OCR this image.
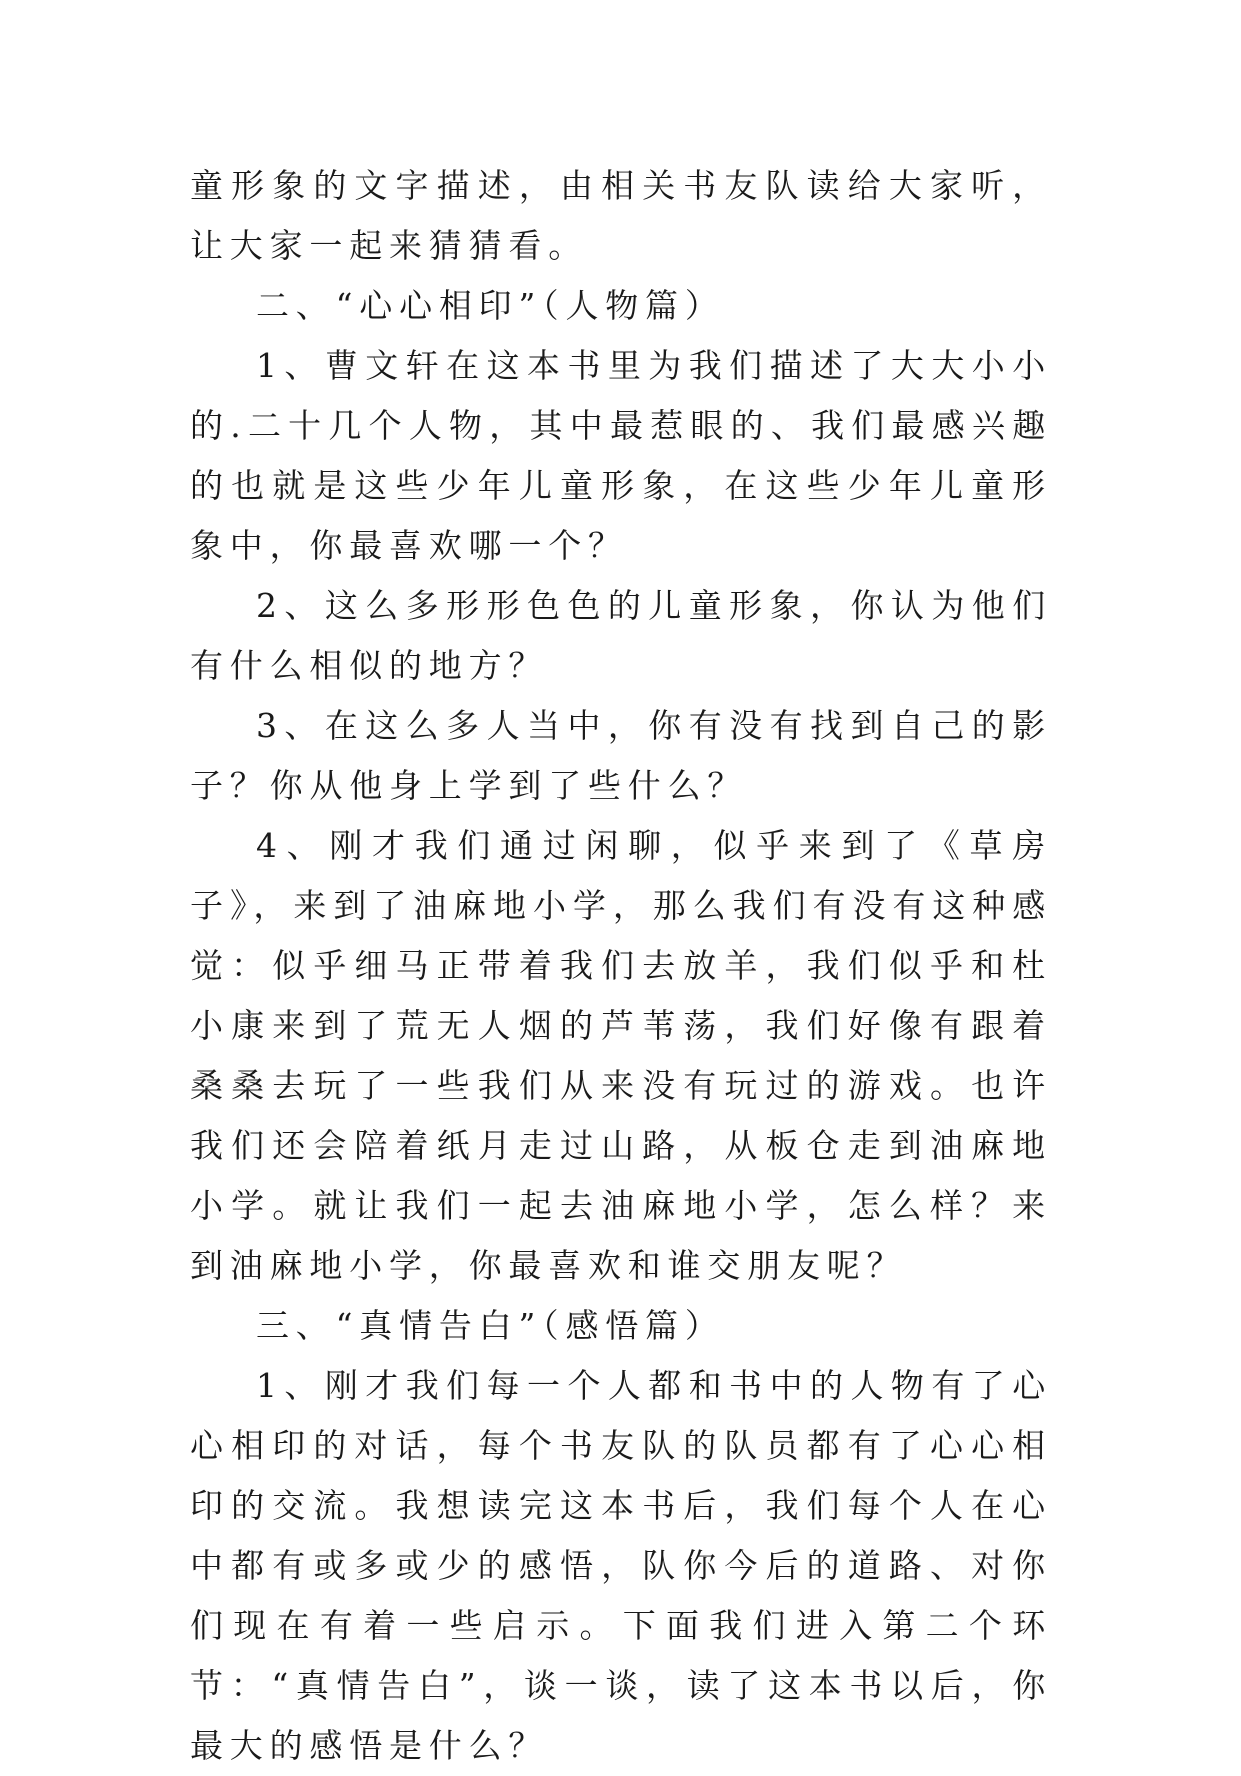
童形象的文字描述，由相关书友队读给大家听，让大家一起来猜猜看。

二、“心心相印”（人物篇）

1、曹文轩在这本书里为我们描述了大大小小的.二十几个人物，其中最惹眼的、我们最感兴趣的也就是这些少年儿童形象，在这些少年儿童形象中，你最喜欢哪一个？

2、这么多形形色色的儿童形象，你认为他们有什么相似的地方？

3、在这么多人当中，你有没有找到自己的影子？你从他身上学到了些什么？

4、刚才我们通过闲聊，似乎来到了《草房子》，来到了油麻地小学，那么我们有没有这种感觉：似乎细马正带着我们去放羊，我们似乎和杜小康来到了荒无人烟的芦苇荡，我们好像有跟着桑桑去玩了一些我们从来没有玩过的游戏。也许我们还会陪着纸月走过山路，从板仓走到油麻地小学。就让我们一起去油麻地小学，怎么样？来到油麻地小学，你最喜欢和谁交朋友呢？

三、“真情告白”（感悟篇）

1、刚才我们每一个人都和书中的人物有了心心相印的对话，每个书友队的队员都有了心心相印的交流。我想读完这本书后，我们每个人在心中都有或多或少的感悟，队你今后的道路、对你们现在有着一些启示。下面我们进入第二个环节：“真情告白”，谈一谈，读了这本书以后，你最大的感悟是什么？
